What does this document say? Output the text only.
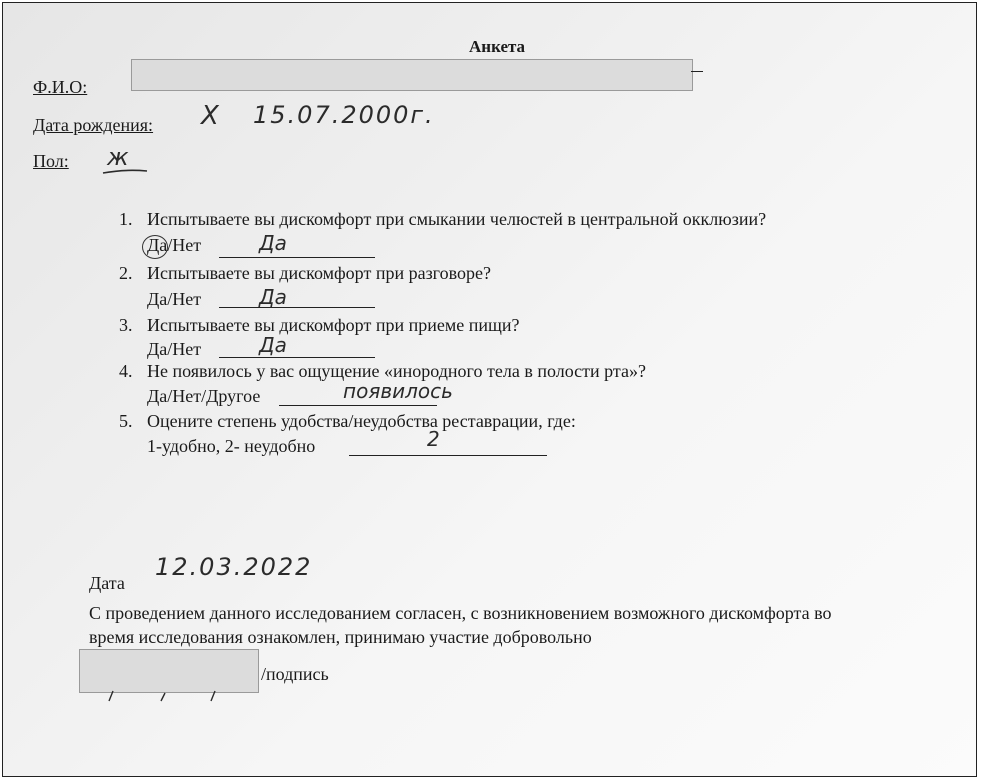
Анкета
Ф.И.О:
Дата рождения: Х 15.07.2000г.
Пол: ж
1. Испытываете вы дискомфорт при смыкании челюстей в центральной окклюзии?
Да/Нет	Да
2. Испытываете вы дискомфорт при разговоре?
Да/Нет	Да
3. Испытываете вы дискомфорт при приеме пищи?
Да/Нет	Да
4. Не появилось у вас ощущение «инородного тела в полости рта»?
Да/Нет/Другое	появилось
5. Оцените степень удобства/неудобства реставрации, где:
1-удобно, 2- неудобно	2
Дата
12.03.2022
С проведением данного исследованием согласен, с возникновением возможного дискомфорта во
время исследования ознакомлен, принимаю участие добровольно
/подпись
